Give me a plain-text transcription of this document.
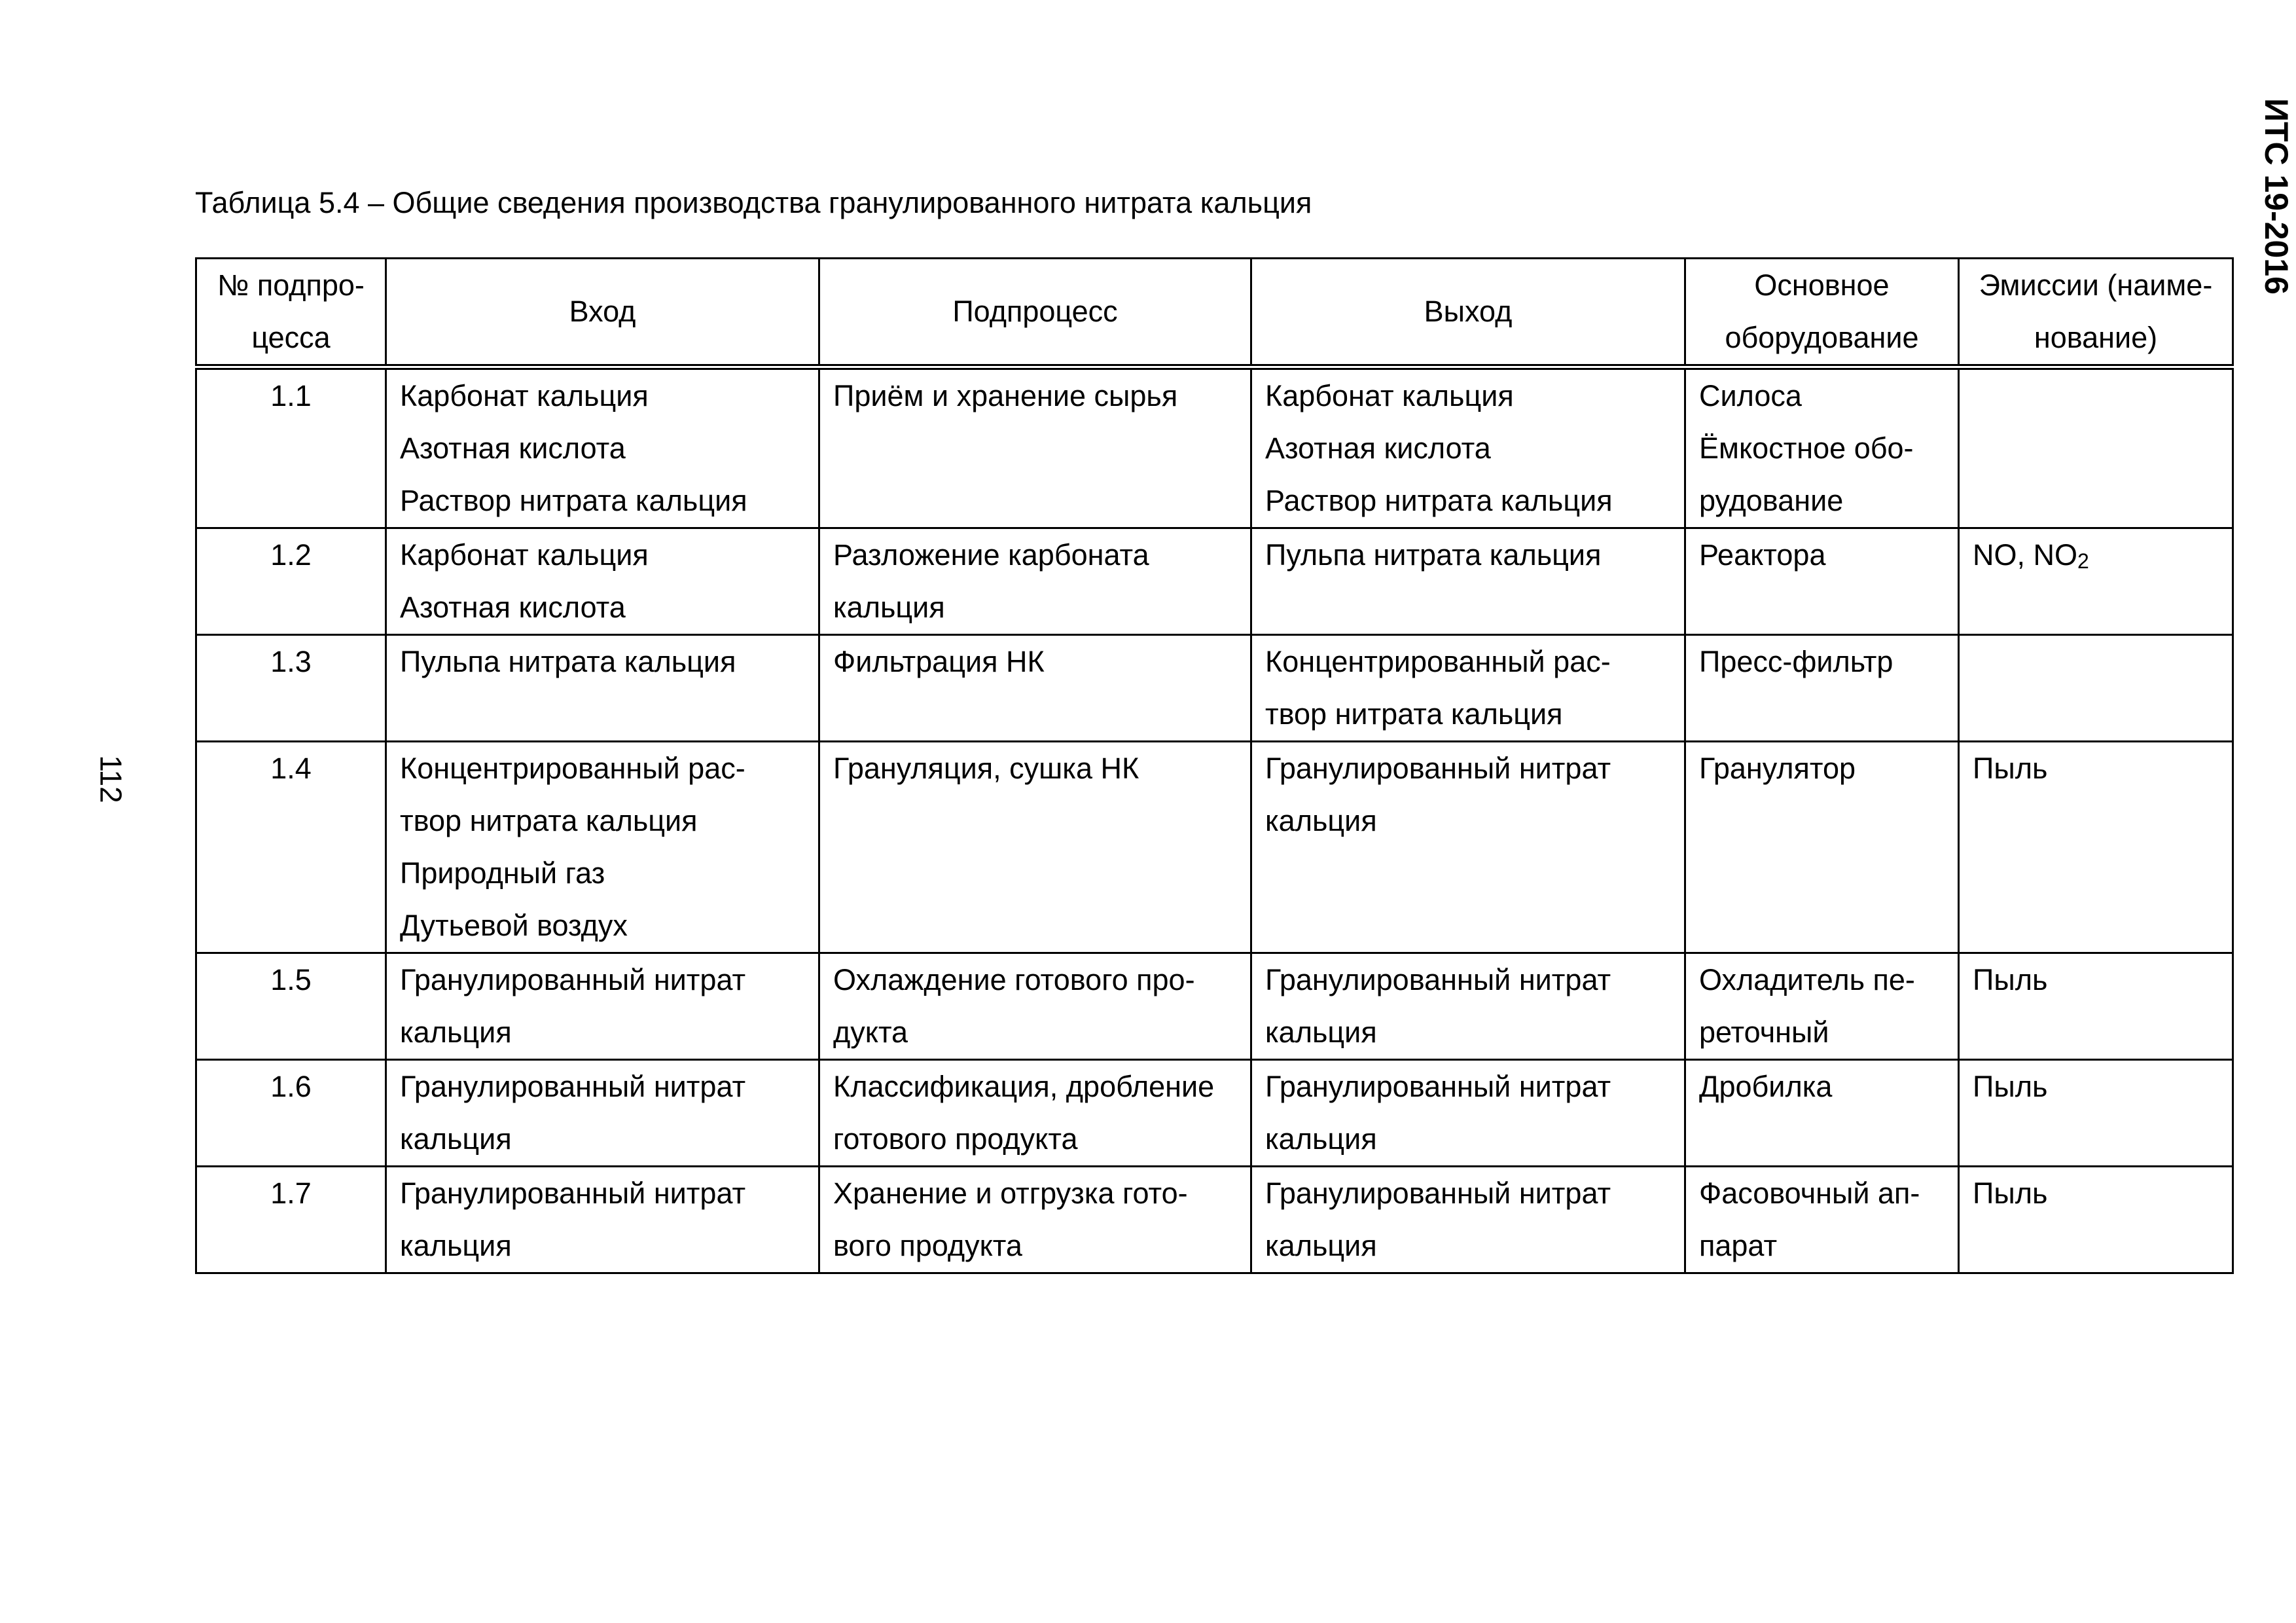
ИТС 19-2016
112
Таблица 5.4 – Общие сведения производства гранулированного нитрата кальция
№ подпро-
цесса	Вход	Подпроцесс	Выход	Основное
оборудование	Эмиссии (наиме-
нование)

1.1	Карбонат кальция
Азотная кислота
Раствор нитрата кальция	Приём и хранение сырья	Карбонат кальция
Азотная кислота
Раствор нитрата кальция	Силоса
Ёмкостное обо-
рудование	

1.2	Карбонат кальция
Азотная кислота	Разложение карбоната
кальция	Пульпа нитрата кальция	Реактора	NO, $NO_2$

1.3	Пульпа нитрата кальция	Фильтрация НК	Концентрированный рас-
твор нитрата кальция	Пресс-фильтр	

1.4	Концентрированный рас-
твор нитрата кальция
Природный газ
Дутьевой воздух	Грануляция, сушка НК	Гранулированный нитрат
кальция	Гранулятор	Пыль

1.5	Гранулированный нитрат
кальция	Охлаждение готового про-
дукта	Гранулированный нитрат
кальция	Охладитель пе-
реточный	Пыль

1.6	Гранулированный нитрат
кальция	Классификация, дробление
готового продукта	Гранулированный нитрат
кальция	Дробилка	Пыль

1.7	Гранулированный нитрат
кальция	Хранение и отгрузка гото-
вого продукта	Гранулированный нитрат
кальция	Фасовочный ап-
парат	Пыль
